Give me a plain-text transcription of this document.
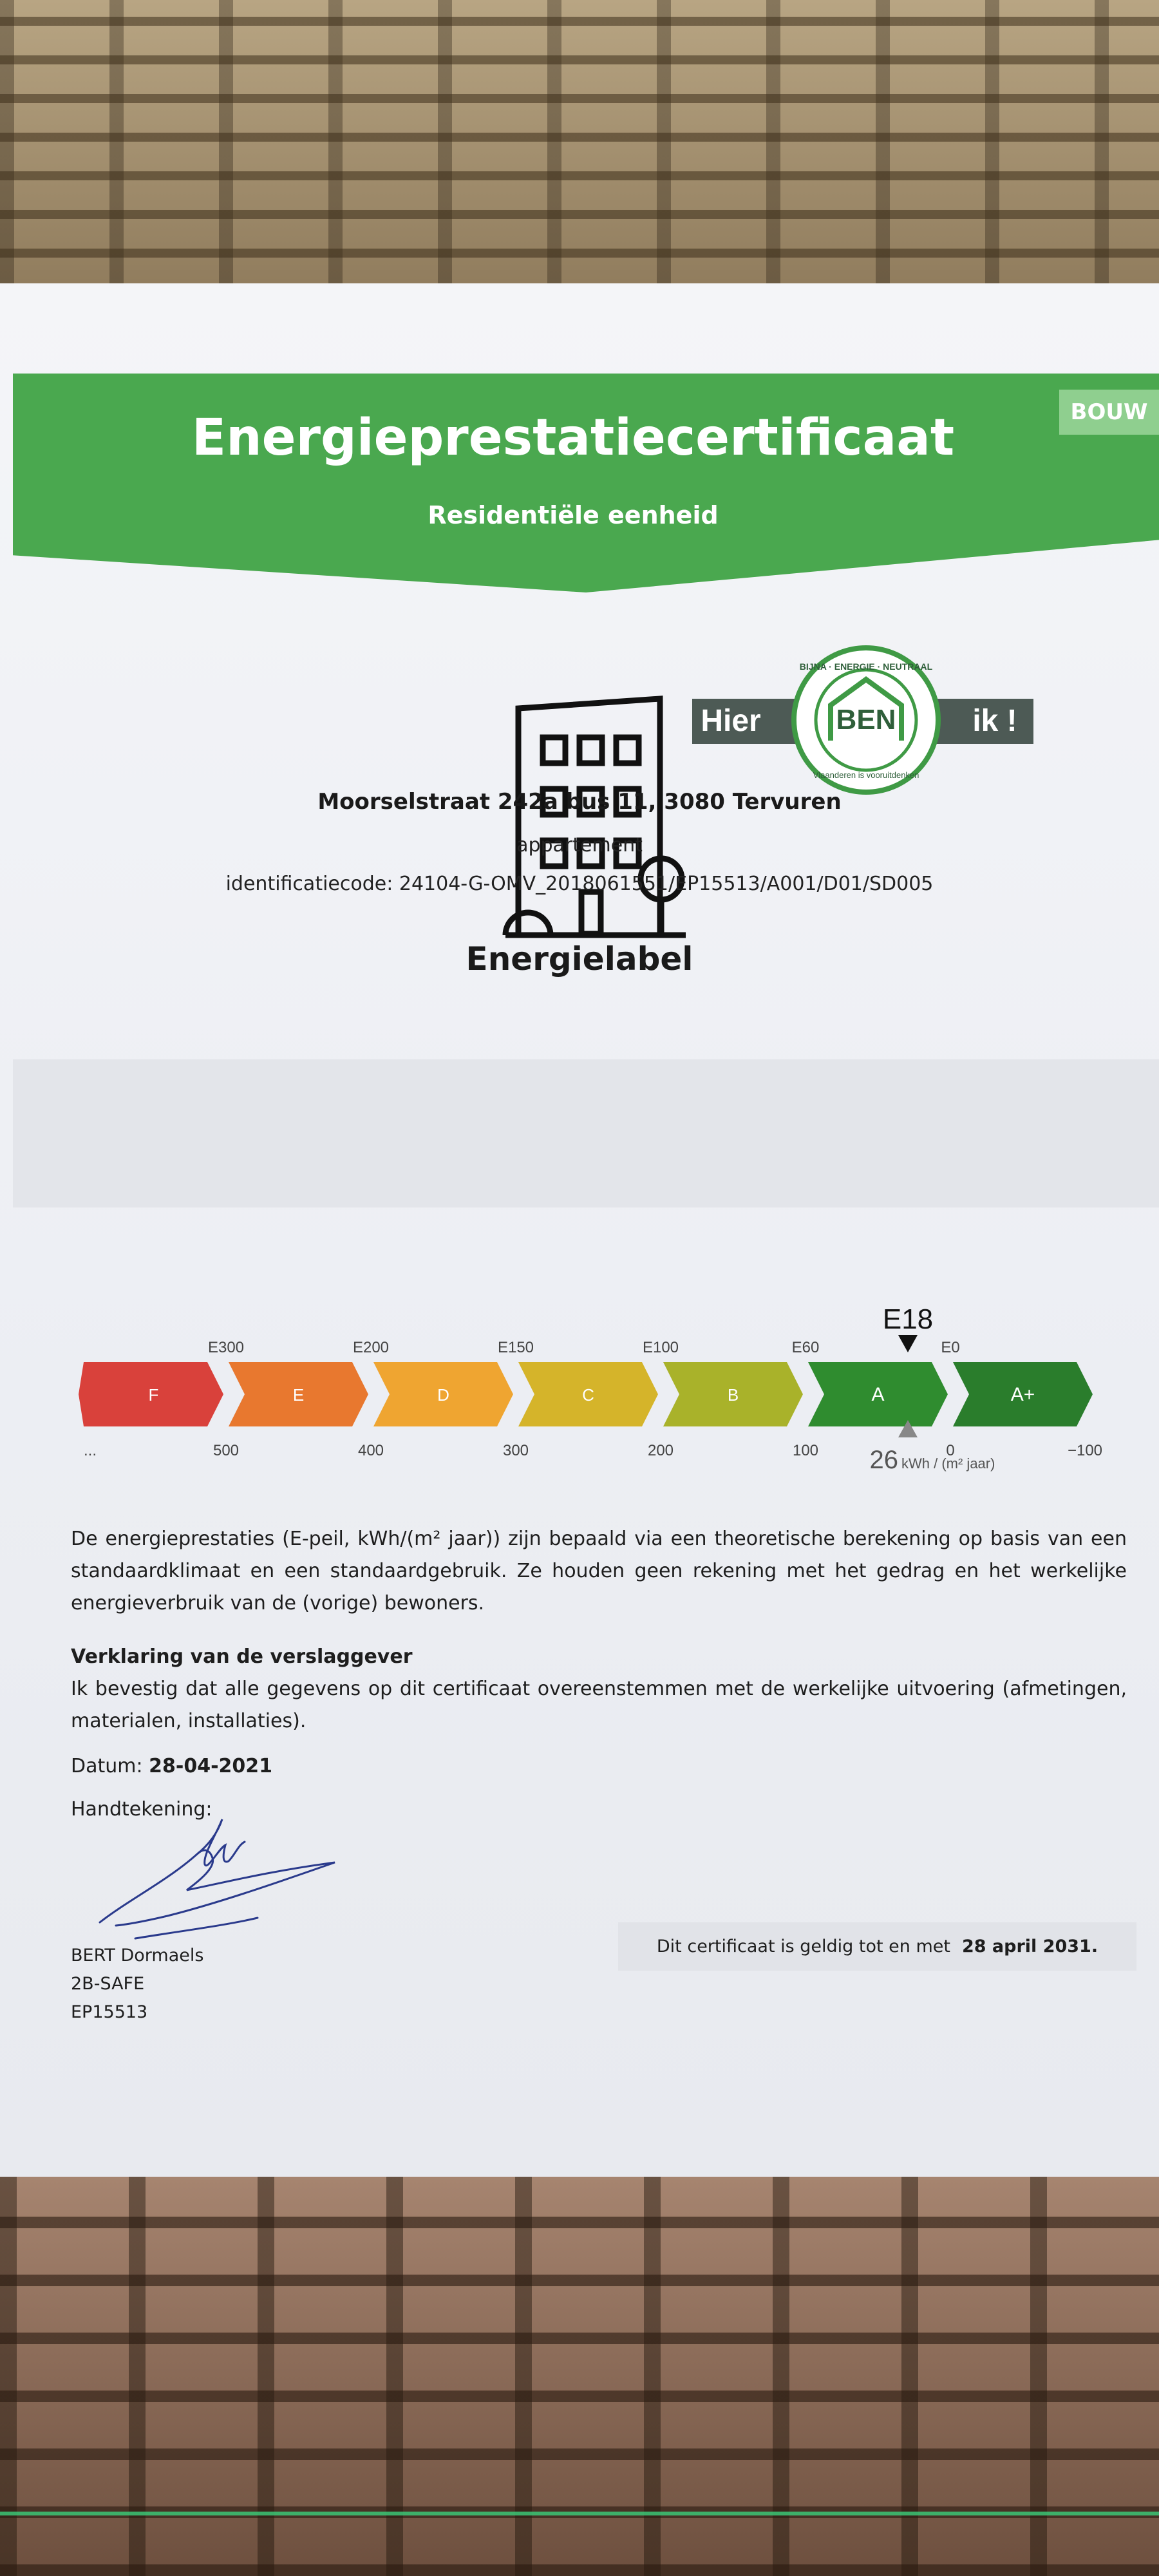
Energieprestatiecertificaat
Residentiële eenheid
BOUW
Hier	ik !
BEN
BIJNA · ENERGIE · NEUTRAAL
Vlaanderen is vooruitdenken
Moorselstraat 242a bus 11, 3080 Tervuren
appartement
identificatiecode: 24104-G-OMV_2018061551/EP15513/A001/D01/SD005
Energielabel
F	E	D	C	B	A	A+
E300	E200	E150	E100	E60	E0
...	500	400	300	200	100	0	−100
E18
26 kWh / (m² jaar)
De energieprestaties (E-peil, kWh/(m² jaar)) zijn bepaald via een theoretische berekening op basis van een standaardklimaat en een standaardgebruik. Ze houden geen rekening met het gedrag en het werkelijke energieverbruik van de (vorige) bewoners.
Verklaring van de verslaggever
Ik bevestig dat alle gegevens op dit certificaat overeenstemmen met de werkelijke uitvoering (afmetingen, materialen, installaties).
Datum: 28-04-2021
Handtekening:
BERT Dormaels
2B-SAFE
EP15513
Dit certificaat is geldig tot en met 28 april 2031.
